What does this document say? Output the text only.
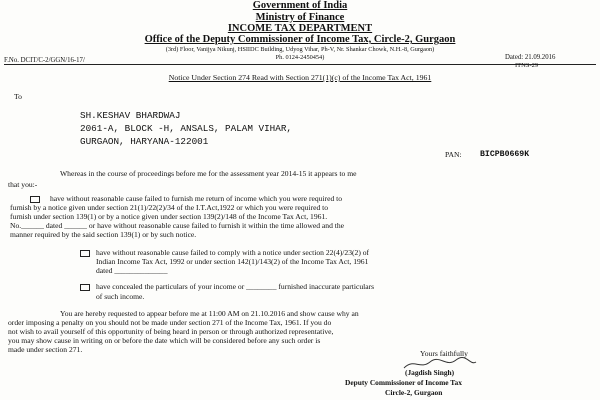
Government of India
Ministry of Finance
INCOME TAX DEPARTMENT
Office of the Deputy Commissioner of Income Tax, Circle-2, Gurgaon
(3rd) Floor, Vanijya Nikunj, HSIIDC Building, Udyog Vihar, Ph-V, Nr. Shankar Chowk, N.H.-8, Gurgaon)
Ph. 0124-2450454)
F.No. DCIT/C-2/GGN/16-17/	Dated: 21.09.2016
ITNS-29
Notice Under Section 274 Read with Section 271(1)(c) of the Income Tax Act, 1961
To
SH.KESHAV BHARDWAJ
2061-A, BLOCK -H, ANSALS, PALAM VIHAR,
GURGAON, HARYANA-122001
PAN: BICPB0669K
Whereas in the course of proceedings before me for the assessment year 2014-15 it appears to me
that you:-
have without reasonable cause failed to furnish me return of income which you were required to
furnish by a notice given under section 21(1)/22(2)/34 of the I.T.Act,1922 or which you were required to
furnish under section 139(1) or by a notice given under section 139(2)/148 of the Income Tax Act, 1961.
No.______ dated ______ or have without reasonable cause failed to furnish it within the time allowed and the
manner required by the said section 139(1) or by such notice.
have without reasonable cause failed to comply with a notice under section 22(4)/23(2) of
Indian Income Tax Act, 1992 or under section 142(1)/143(2) of the Income Tax Act, 1961
dated ______________
have concealed the particulars of your income or ________ furnished inaccurate particulars
of such income.
You are hereby requested to appear before me at 11:00 AM on 21.10.2016 and show cause why an
order imposing a penalty on you should not be made under section 271 of the Income Tax, 1961. If you do
not wish to avail yourself of this opportunity of being heard in person or through authorized representative,
you may show cause in writing on or before the date which will be considered before any such order is
made under section 271.	Yours faithfully
(Jagdish Singh)
Deputy Commissioner of Income Tax
Circle-2, Gurgaon
